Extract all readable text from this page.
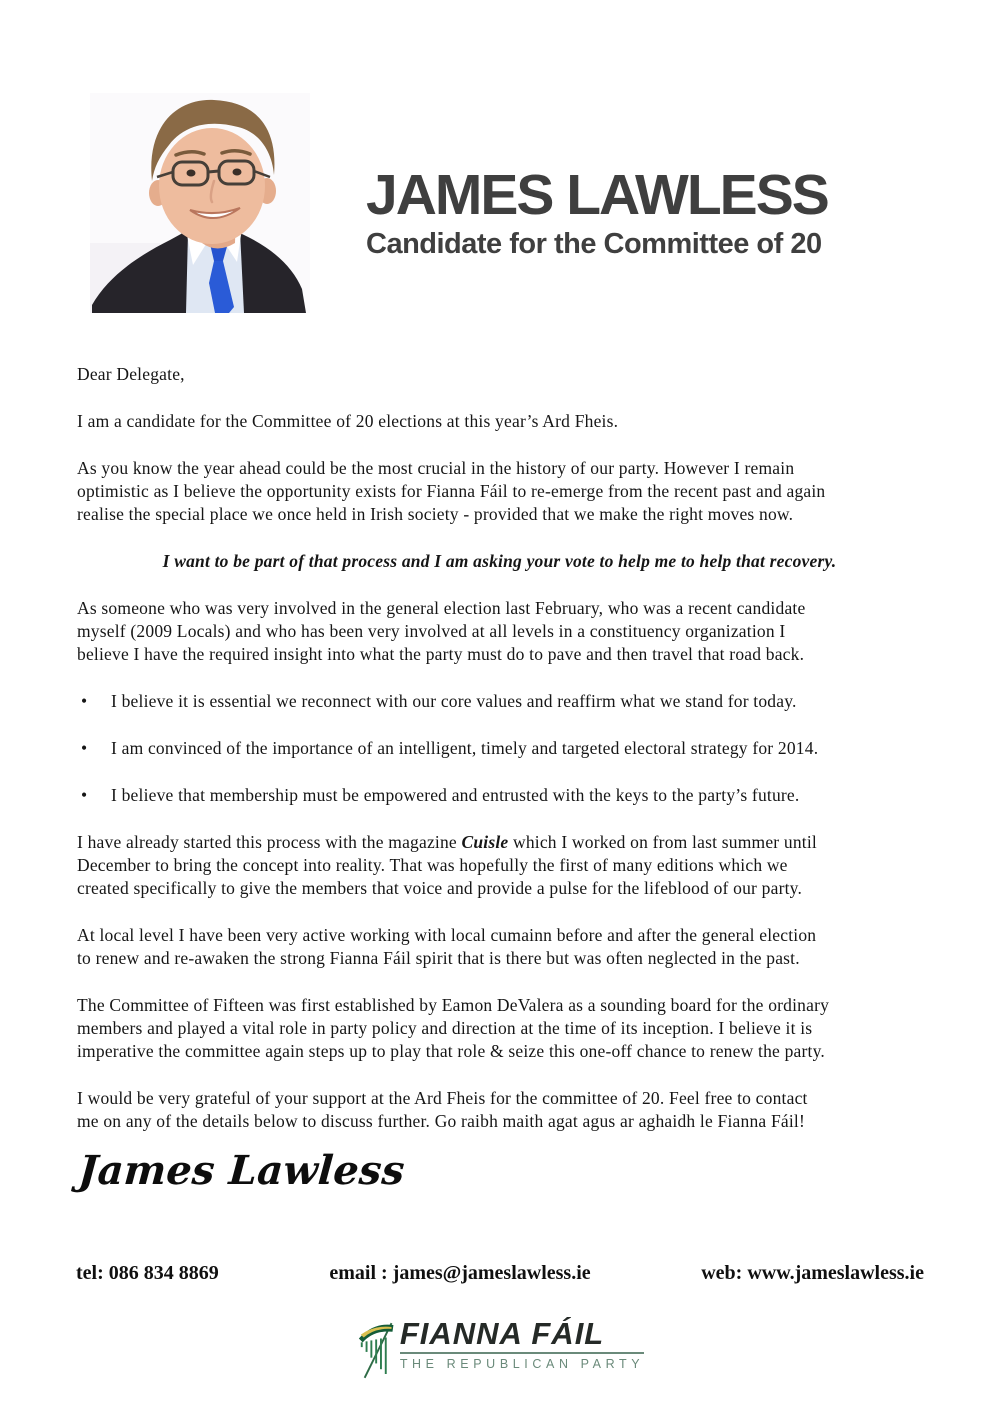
JAMES LAWLESS
Candidate for the Committee of 20
Dear Delegate,
I am a candidate for the Committee of 20 elections at this year’s Ard Fheis.
As you know the year ahead could be the most crucial in the history of our party. However I remain
optimistic as I believe the opportunity exists for Fianna Fáil to re-emerge from the recent past and again
realise the special place we once held in Irish society - provided that we make the right moves now.
I want to be part of that process and I am asking your vote to help me to help that recovery.
As someone who was very involved in the general election last February, who was a recent candidate
myself (2009 Locals) and who has been very involved at all levels in a constituency organization I
believe I have the required insight into what the party must do to pave and then travel that road back.
•	I believe it is essential we reconnect with our core values and reaffirm what we stand for today.
•	I am convinced of the importance of an intelligent, timely and targeted electoral strategy for 2014.
•	I believe that membership must be empowered and entrusted with the keys to the party’s future.
I have already started this process with the magazine Cuisle which I worked on from last summer until
December to bring the concept into reality. That was hopefully the first of many editions which we
created specifically to give the members that voice and provide a pulse for the lifeblood of our party.
At local level I have been very active working with local cumainn before and after the general election
to renew and re-awaken the strong Fianna Fáil spirit that is there but was often neglected in the past.
The Committee of Fifteen was first established by Eamon DeValera as a sounding board for the ordinary
members and played a vital role in party policy and direction at the time of its inception. I believe it is
imperative the committee again steps up to play that role & seize this one-off chance to renew the party.
I would be very grateful of your support at the Ard Fheis for the committee of 20. Feel free to contact
me on any of the details below to discuss further. Go raibh maith agat agus ar aghaidh le Fianna Fáil!
James Lawless
tel: 086 834 8869	email : james@jameslawless.ie	web: www.jameslawless.ie
FIANNA FÁIL
THE REPUBLICAN PARTY
